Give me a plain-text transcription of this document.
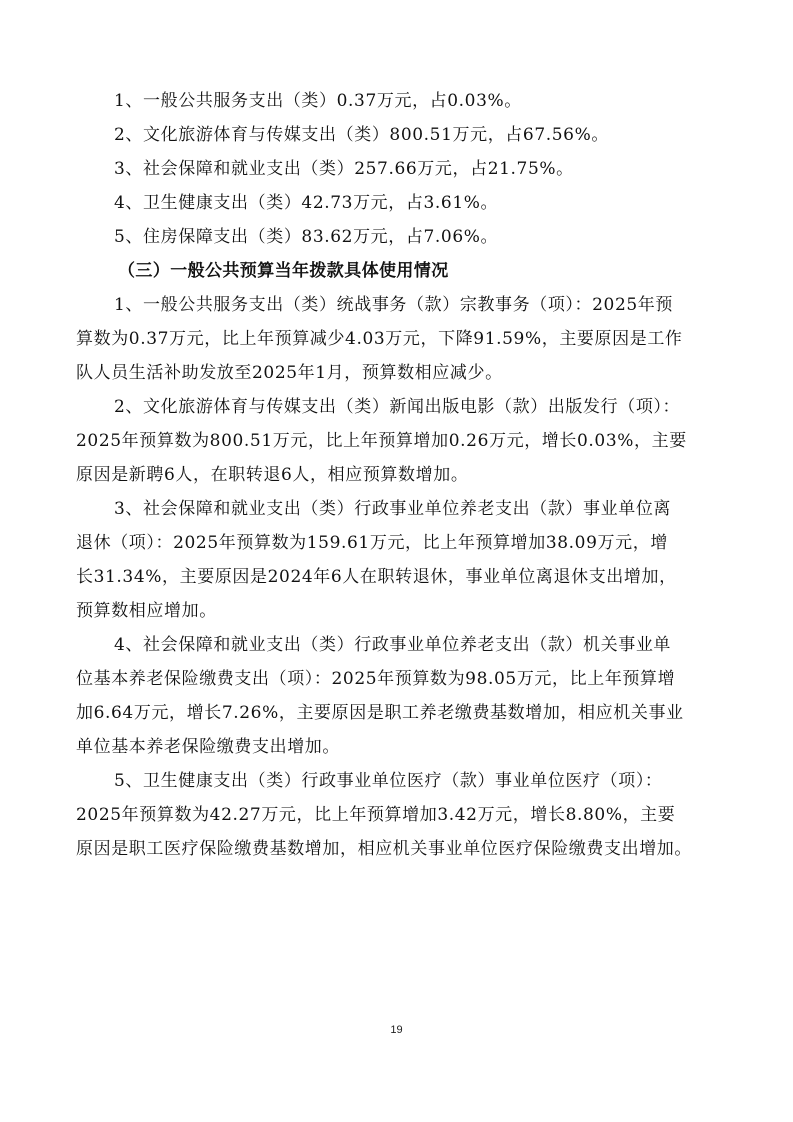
1、一般公共服务支出（类）0.37万元，占0.03%。
2、文化旅游体育与传媒支出（类）800.51万元，占67.56%。
3、社会保障和就业支出（类）257.66万元，占21.75%。
4、卫生健康支出（类）42.73万元，占3.61%。
5、住房保障支出（类）83.62万元，占7.06%。
（三）一般公共预算当年拨款具体使用情况
1、一般公共服务支出（类）统战事务（款）宗教事务（项）：2025年预
算数为0.37万元，比上年预算减少4.03万元，下降91.59%，主要原因是工作
队人员生活补助发放至2025年1月，预算数相应减少。
2、文化旅游体育与传媒支出（类）新闻出版电影（款）出版发行（项）：
2025年预算数为800.51万元，比上年预算增加0.26万元，增长0.03%，主要
原因是新聘6人，在职转退6人，相应预算数增加。
3、社会保障和就业支出（类）行政事业单位养老支出（款）事业单位离
退休（项）：2025年预算数为159.61万元，比上年预算增加38.09万元，增
长31.34%，主要原因是2024年6人在职转退休，事业单位离退休支出增加，
预算数相应增加。
4、社会保障和就业支出（类）行政事业单位养老支出（款）机关事业单
位基本养老保险缴费支出（项）：2025年预算数为98.05万元，比上年预算增
加6.64万元，增长7.26%，主要原因是职工养老缴费基数增加，相应机关事业
单位基本养老保险缴费支出增加。
5、卫生健康支出（类）行政事业单位医疗（款）事业单位医疗（项）：
2025年预算数为42.27万元，比上年预算增加3.42万元，增长8.80%，主要
原因是职工医疗保险缴费基数增加，相应机关事业单位医疗保险缴费支出增加。
19
